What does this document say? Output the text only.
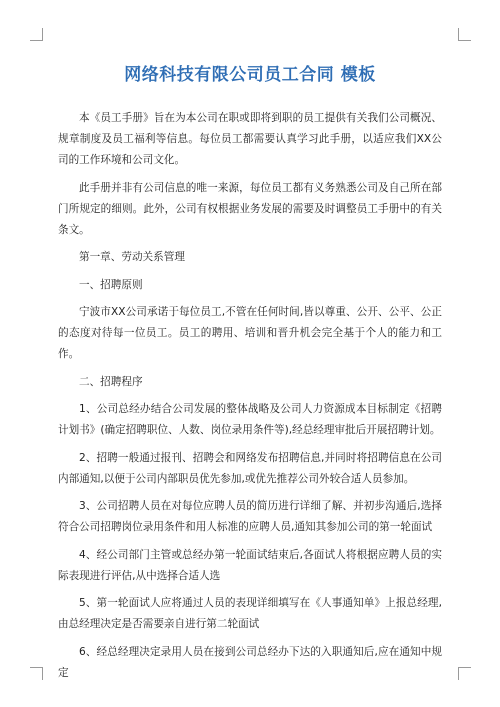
网络科技有限公司员工合同 模板

本《员工手册》旨在为本公司在职或即将到职的员工提供有关我们公司概况、规章制度及员工福利等信息。每位员工都需要认真学习此手册，以适应我们XX公司的工作环境和公司文化。

此手册并非有公司信息的唯一来源，每位员工都有义务熟悉公司及自己所在部门所规定的细则。此外，公司有权根据业务发展的需要及时调整员工手册中的有关条文。

第一章、劳动关系管理

一、招聘原则

宁波市XX公司承诺于每位员工,不管在任何时间,皆以尊重、公开、公平、公正的态度对待每一位员工。员工的聘用、培训和晋升机会完全基于个人的能力和工作。

二、招聘程序

1、公司总经办结合公司发展的整体战略及公司人力资源成本目标制定《招聘计划书》(确定招聘职位、人数、岗位录用条件等),经总经理审批后开展招聘计划。

2、招聘一般通过报刊、招聘会和网络发布招聘信息,并同时将招聘信息在公司内部通知,以便于公司内部职员优先参加,或优先推荐公司外较合适人员参加。

3、公司招聘人员在对每位应聘人员的简历进行详细了解、并初步沟通后,选择符合公司招聘岗位录用条件和用人标准的应聘人员,通知其参加公司的第一轮面试

4、经公司部门主管或总经办第一轮面试结束后,各面试人将根据应聘人员的实际表现进行评估,从中选择合适人选

5、第一轮面试人应将通过人员的表现详细填写在《人事通知单》上报总经理,由总经理决定是否需要亲自进行第二轮面试

6、经总经理决定录用人员在接到公司总经办下达的入职通知后,应在通知中规定
